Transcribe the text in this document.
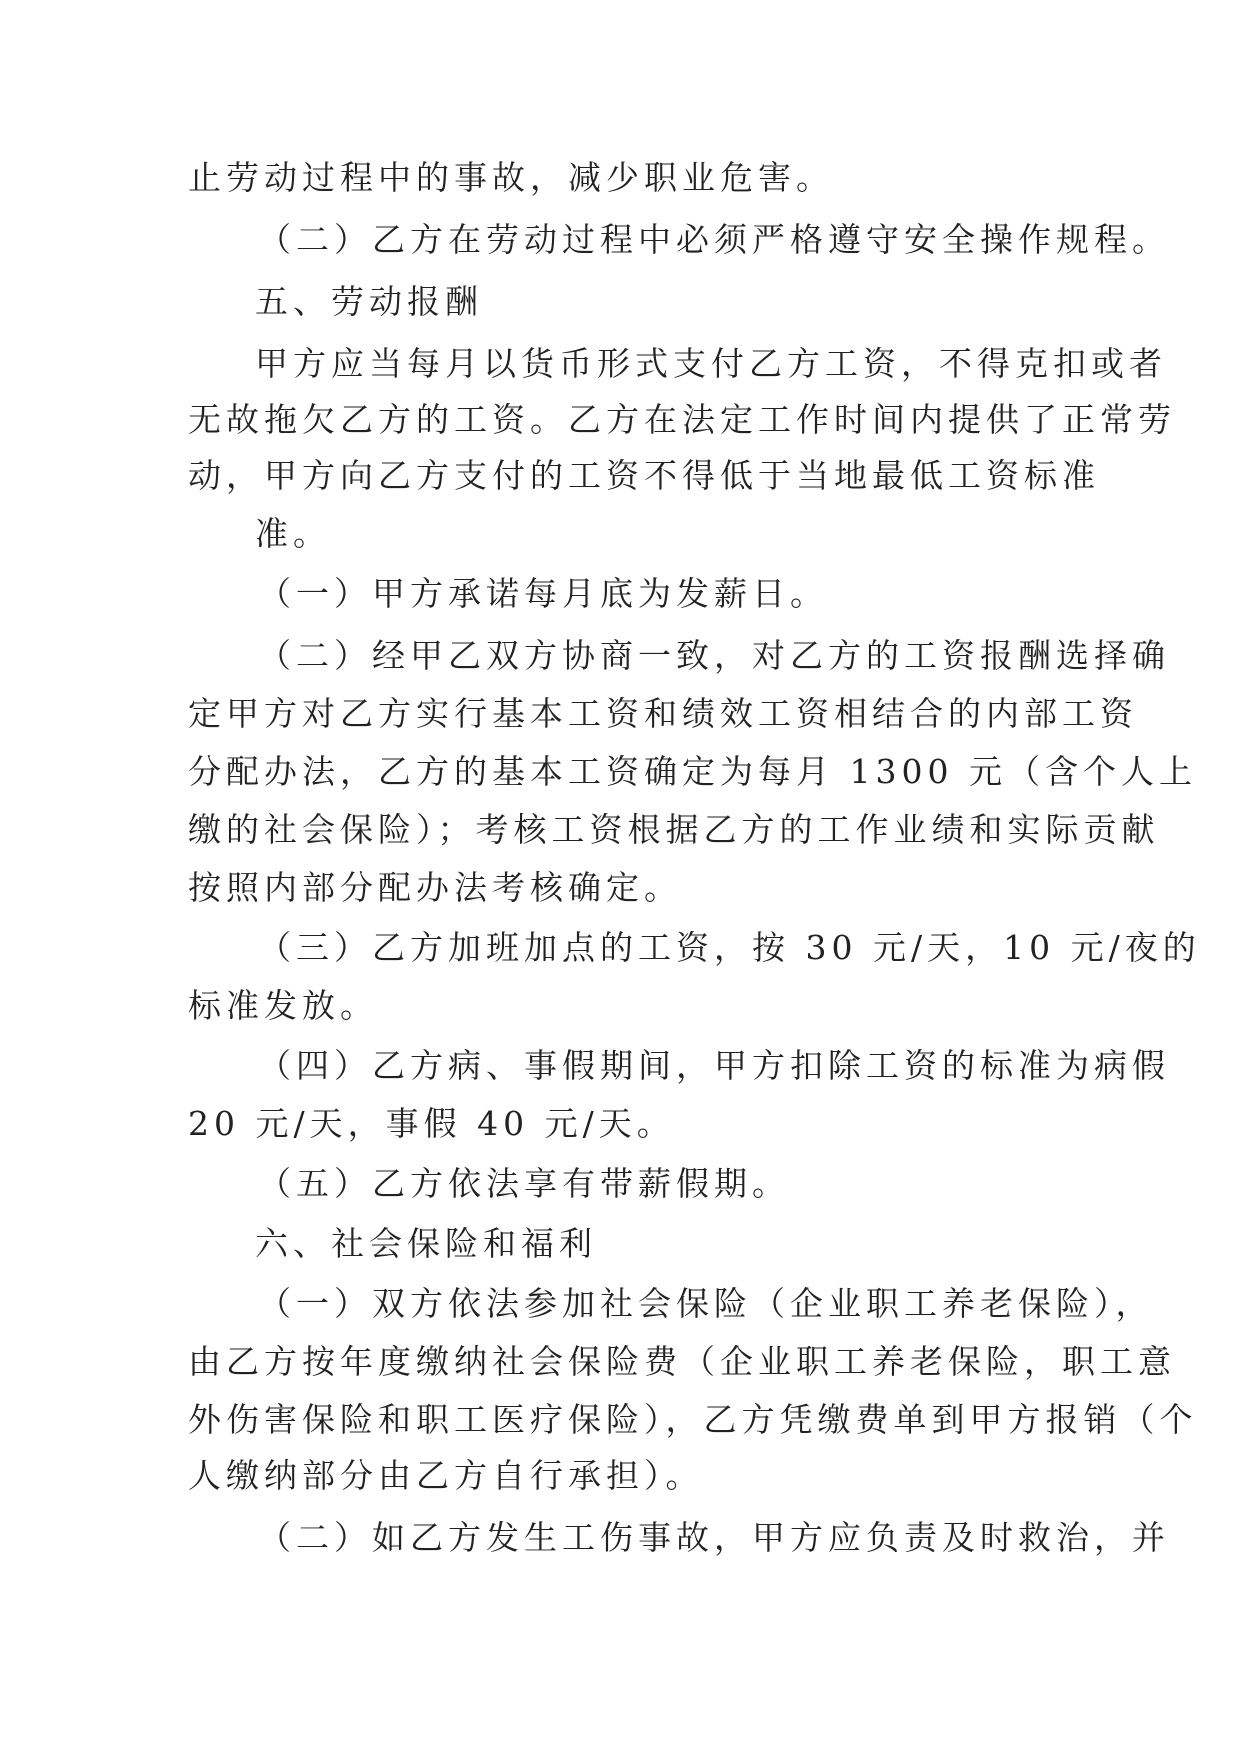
止劳动过程中的事故，减少职业危害。
（二）乙方在劳动过程中必须严格遵守安全操作规程。
五、劳动报酬
甲方应当每月以货币形式支付乙方工资，不得克扣或者
无故拖欠乙方的工资。乙方在法定工作时间内提供了正常劳
动，甲方向乙方支付的工资不得低于当地最低工资标准
准。
（一）甲方承诺每月底为发薪日。
（二）经甲乙双方协商一致，对乙方的工资报酬选择确
定甲方对乙方实行基本工资和绩效工资相结合的内部工资
分配办法，乙方的基本工资确定为每月 1300 元（含个人上
缴的社会保险）；考核工资根据乙方的工作业绩和实际贡献
按照内部分配办法考核确定。
（三）乙方加班加点的工资，按 30 元/天，10 元/夜的
标准发放。
（四）乙方病、事假期间，甲方扣除工资的标准为病假
20 元/天，事假 40 元/天。
（五）乙方依法享有带薪假期。
六、社会保险和福利
（一）双方依法参加社会保险（企业职工养老保险），
由乙方按年度缴纳社会保险费（企业职工养老保险，职工意
外伤害保险和职工医疗保险），乙方凭缴费单到甲方报销（个
人缴纳部分由乙方自行承担）。
（二）如乙方发生工伤事故，甲方应负责及时救治，并
